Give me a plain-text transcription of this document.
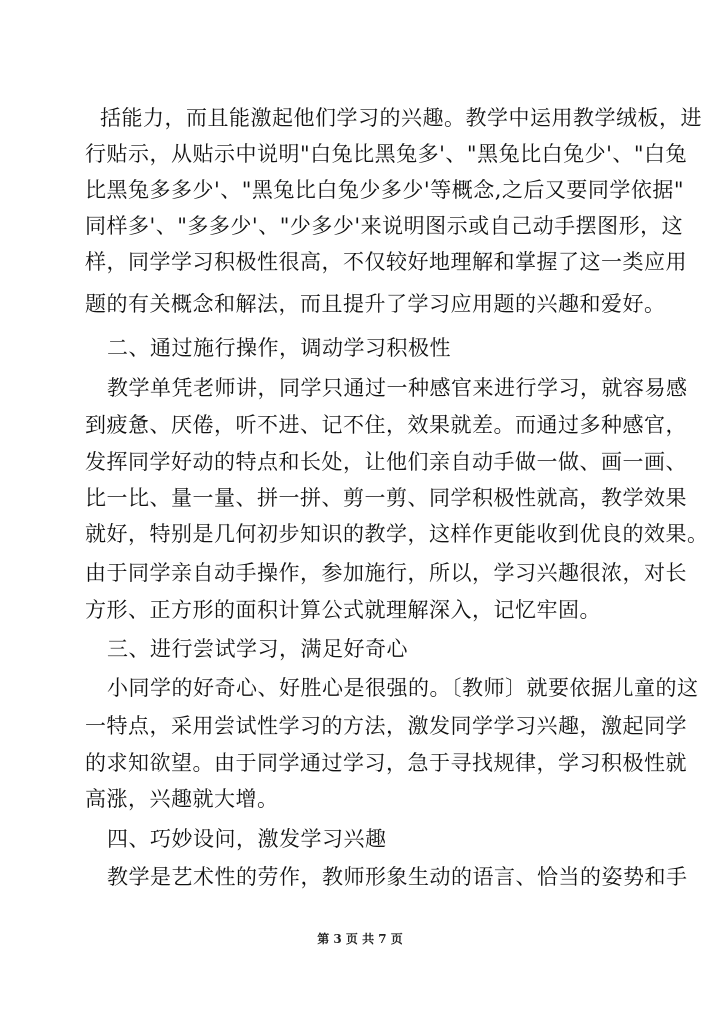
括能力，而且能激起他们学习的兴趣。教学中运用教学绒板，进
行贴示，从贴示中说明"白兔比黑兔多'、"黑兔比白兔少'、"白兔
比黑兔多多少'、"黑兔比白兔少多少'等概念,之后又要同学依据"
同样多'、"多多少'、"少多少'来说明图示或自己动手摆图形，这
样，同学学习积极性很高，不仅较好地理解和掌握了这一类应用
题的有关概念和解法，而且提升了学习应用题的兴趣和爱好。
二、通过施行操作，调动学习积极性
教学单凭老师讲，同学只通过一种感官来进行学习，就容易感
到疲惫、厌倦，听不进、记不住，效果就差。而通过多种感官，
发挥同学好动的特点和长处，让他们亲自动手做一做、画一画、
比一比、量一量、拼一拼、剪一剪、同学积极性就高，教学效果
就好，特别是几何初步知识的教学，这样作更能收到优良的效果。
由于同学亲自动手操作，参加施行，所以，学习兴趣很浓，对长
方形、正方形的面积计算公式就理解深入，记忆牢固。
三、进行尝试学习，满足好奇心
小同学的好奇心、好胜心是很强的。〔教师〕就要依据儿童的这
一特点，采用尝试性学习的方法，激发同学学习兴趣，激起同学
的求知欲望。由于同学通过学习，急于寻找规律，学习积极性就
高涨，兴趣就大增。
四、巧妙设问，激发学习兴趣
教学是艺术性的劳作，教师形象生动的语言、恰当的姿势和手
第 3 页 共 7 页
